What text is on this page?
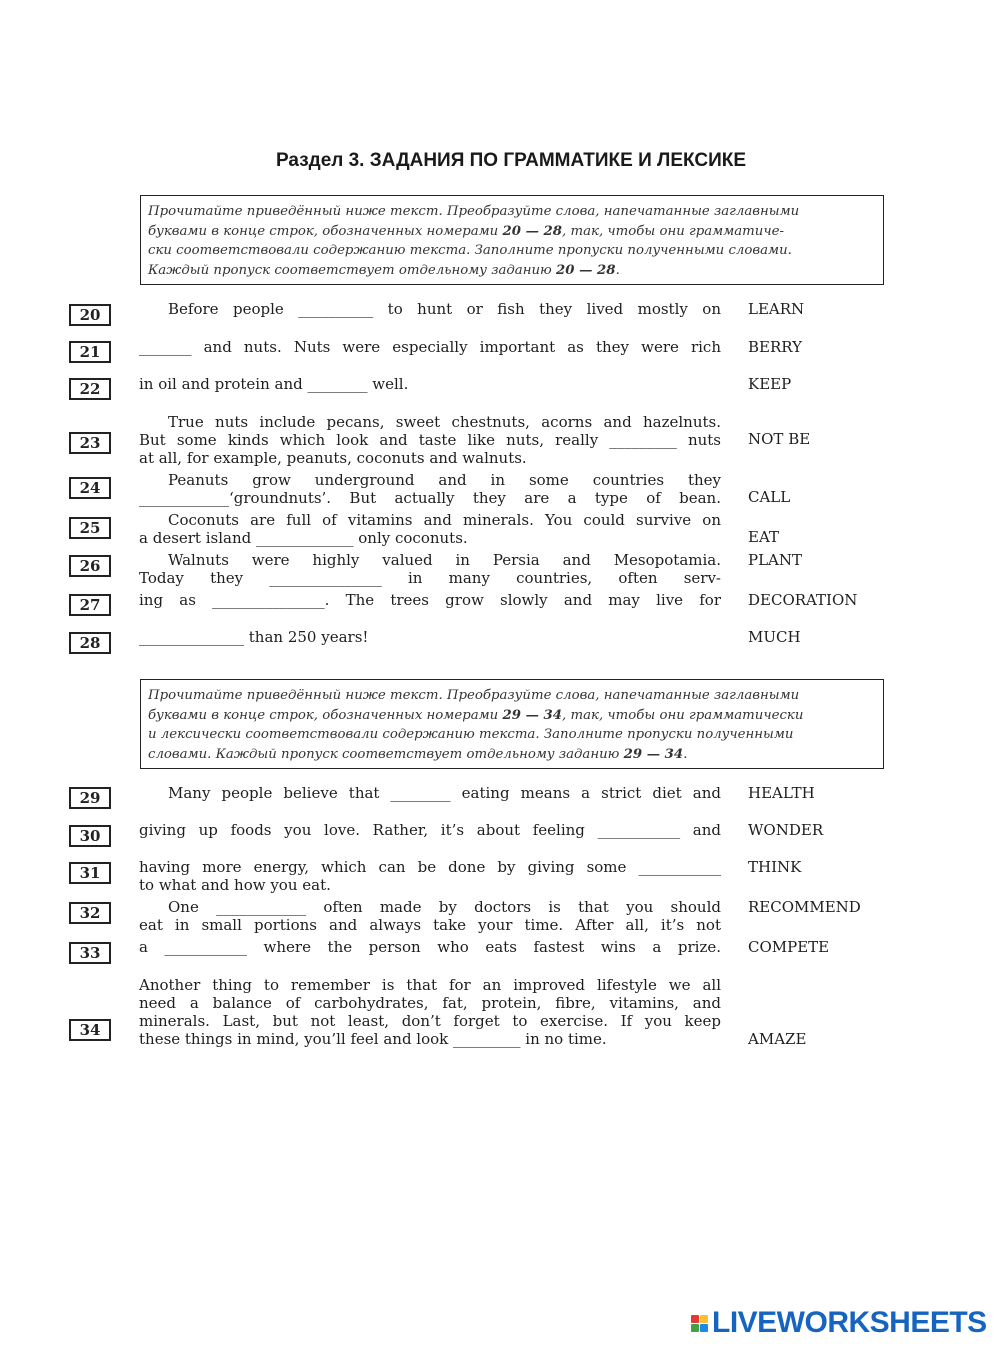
Раздел 3. ЗАДАНИЯ ПО ГРАММАТИКЕ И ЛЕКСИКЕ
Прочитайте приведённый ниже текст. Преобразуйте слова, напечатанные заглавными
буквами в конце строк, обозначенных номерами 20 — 28, так, чтобы они грамматиче-
ски соответствовали содержанию текста. Заполните пропуски полученными словами.
Каждый пропуск соответствует отдельному заданию 20 — 28.
20
21
22
23
24
25
26
27
28
Before people __________ to hunt or fish they lived mostly on
_______ and nuts. Nuts were especially important as they were rich
in oil and protein and ________ well.
True nuts include pecans, sweet chestnuts, acorns and hazelnuts.
But some kinds which look and taste like nuts, really _________ nuts
at all, for example, peanuts, coconuts and walnuts.
Peanuts grow underground and in some countries they
____________‘groundnuts’. But actually they are a type of bean.
Coconuts are full of vitamins and minerals. You could survive on
a desert island _____________ only coconuts.
Walnuts were highly valued in Persia and Mesopotamia.
Today they _______________ in many countries, often serv-
ing as _______________. The trees grow slowly and may live for
______________ than 250 years!
LEARN
BERRY
KEEP
NOT BE
CALL
EAT
PLANT
DECORATION
MUCH
Прочитайте приведённый ниже текст. Преобразуйте слова, напечатанные заглавными
буквами в конце строк, обозначенных номерами 29 — 34, так, чтобы они грамматически
и лексически соответствовали содержанию текста. Заполните пропуски полученными
словами. Каждый пропуск соответствует отдельному заданию 29 — 34.
29
30
31
32
33
34
Many people believe that ________ eating means a strict diet and
giving up foods you love. Rather, it’s about feeling ___________ and
having more energy, which can be done by giving some ___________
to what and how you eat.
One ____________ often made by doctors is that you should
eat in small portions and always take your time. After all, it’s not
a ___________ where the person who eats fastest wins a prize.
Another thing to remember is that for an improved lifestyle we all
need a balance of carbohydrates, fat, protein, fibre, vitamins, and
minerals. Last, but not least, don’t forget to exercise. If you keep
these things in mind, you’ll feel and look _________ in no time.
HEALTH
WONDER
THINK
RECOMMEND
COMPETE
AMAZE
LIVEWORKSHEETS
